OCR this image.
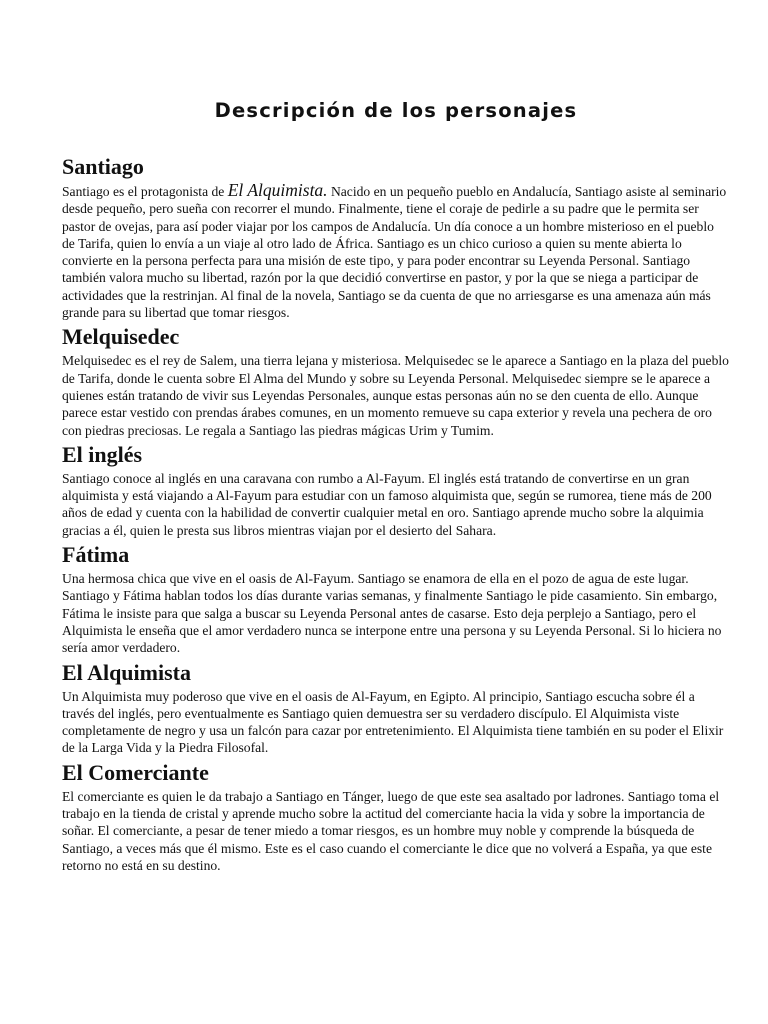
Descripción de los personajes
Santiago

Santiago es el protagonista de El Alquimista. Nacido en un pequeño pueblo en Andalucía, Santiago asiste al seminario desde pequeño, pero sueña con recorrer el mundo. Finalmente, tiene el coraje de pedirle a su padre que le permita ser pastor de ovejas, para así poder viajar por los campos de Andalucía. Un día conoce a un hombre misterioso en el pueblo de Tarifa, quien lo envía a un viaje al otro lado de África. Santiago es un chico curioso a quien su mente abierta lo convierte en la persona perfecta para una misión de este tipo, y para poder encontrar su Leyenda Personal. Santiago también valora mucho su libertad, razón por la que decidió convertirse en pastor, y por la que se niega a participar de actividades que la restrinjan. Al final de la novela, Santiago se da cuenta de que no arriesgarse es una amenaza aún más grande para su libertad que tomar riesgos.

Melquisedec

Melquisedec es el rey de Salem, una tierra lejana y misteriosa. Melquisedec se le aparece a Santiago en la plaza del pueblo de Tarifa, donde le cuenta sobre El Alma del Mundo y sobre su Leyenda Personal. Melquisedec siempre se le aparece a quienes están tratando de vivir sus Leyendas Personales, aunque estas personas aún no se den cuenta de ello. Aunque parece estar vestido con prendas árabes comunes, en un momento remueve su capa exterior y revela una pechera de oro con piedras preciosas. Le regala a Santiago las piedras mágicas Urim y Tumim.

El inglés

Santiago conoce al inglés en una caravana con rumbo a Al-Fayum. El inglés está tratando de convertirse en un gran alquimista y está viajando a Al-Fayum para estudiar con un famoso alquimista que, según se rumorea, tiene más de 200 años de edad y cuenta con la habilidad de convertir cualquier metal en oro. Santiago aprende mucho sobre la alquimia gracias a él, quien le presta sus libros mientras viajan por el desierto del Sahara.

Fátima

Una hermosa chica que vive en el oasis de Al-Fayum. Santiago se enamora de ella en el pozo de agua de este lugar. Santiago y Fátima hablan todos los días durante varias semanas, y finalmente Santiago le pide casamiento. Sin embargo, Fátima le insiste para que salga a buscar su Leyenda Personal antes de casarse. Esto deja perplejo a Santiago, pero el Alquimista le enseña que el amor verdadero nunca se interpone entre una persona y su Leyenda Personal. Si lo hiciera no sería amor verdadero.

El Alquimista

Un Alquimista muy poderoso que vive en el oasis de Al-Fayum, en Egipto. Al principio, Santiago escucha sobre él a través del inglés, pero eventualmente es Santiago quien demuestra ser su verdadero discípulo. El Alquimista viste completamente de negro y usa un falcón para cazar por entretenimiento. El Alquimista tiene también en su poder el Elixir de la Larga Vida y la Piedra Filosofal.

El Comerciante

El comerciante es quien le da trabajo a Santiago en Tánger, luego de que este sea asaltado por ladrones. Santiago toma el trabajo en la tienda de cristal y aprende mucho sobre la actitud del comerciante hacia la vida y sobre la importancia de soñar. El comerciante, a pesar de tener miedo a tomar riesgos, es un hombre muy noble y comprende la búsqueda de Santiago, a veces más que él mismo. Este es el caso cuando el comerciante le dice que no volverá a España, ya que este retorno no está en su destino.
